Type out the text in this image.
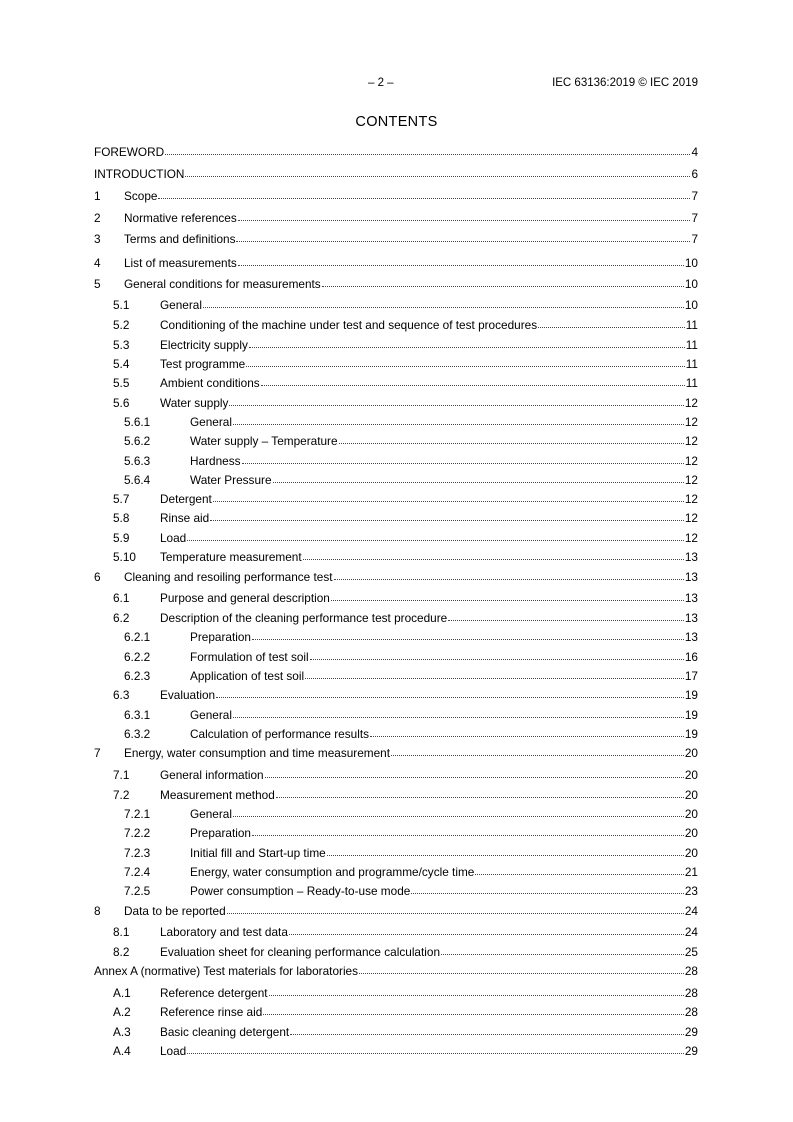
– 2 –	IEC 63136:2019 © IEC 2019
CONTENTS
FOREWORD	4
INTRODUCTION	6
1	Scope	7
2	Normative references	7
3	Terms and definitions	7
4	List of measurements	10
5	General conditions for measurements	10
5.1	General	10
5.2	Conditioning of the machine under test and sequence of test procedures	11
5.3	Electricity supply	11
5.4	Test programme	11
5.5	Ambient conditions	11
5.6	Water supply	12
5.6.1	General	12
5.6.2	Water supply – Temperature	12
5.6.3	Hardness	12
5.6.4	Water Pressure	12
5.7	Detergent	12
5.8	Rinse aid	12
5.9	Load	12
5.10	Temperature measurement	13
6	Cleaning and resoiling performance test	13
6.1	Purpose and general description	13
6.2	Description of the cleaning performance test procedure	13
6.2.1	Preparation	13
6.2.2	Formulation of test soil	16
6.2.3	Application of test soil	17
6.3	Evaluation	19
6.3.1	General	19
6.3.2	Calculation of performance results	19
7	Energy, water consumption and time measurement	20
7.1	General information	20
7.2	Measurement method	20
7.2.1	General	20
7.2.2	Preparation	20
7.2.3	Initial fill and Start-up time	20
7.2.4	Energy, water consumption and programme/cycle time	21
7.2.5	Power consumption – Ready-to-use mode	23
8	Data to be reported	24
8.1	Laboratory and test data	24
8.2	Evaluation sheet for cleaning performance calculation	25
Annex A (normative) Test materials for laboratories	28
A.1	Reference detergent	28
A.2	Reference rinse aid	28
A.3	Basic cleaning detergent	29
A.4	Load	29
